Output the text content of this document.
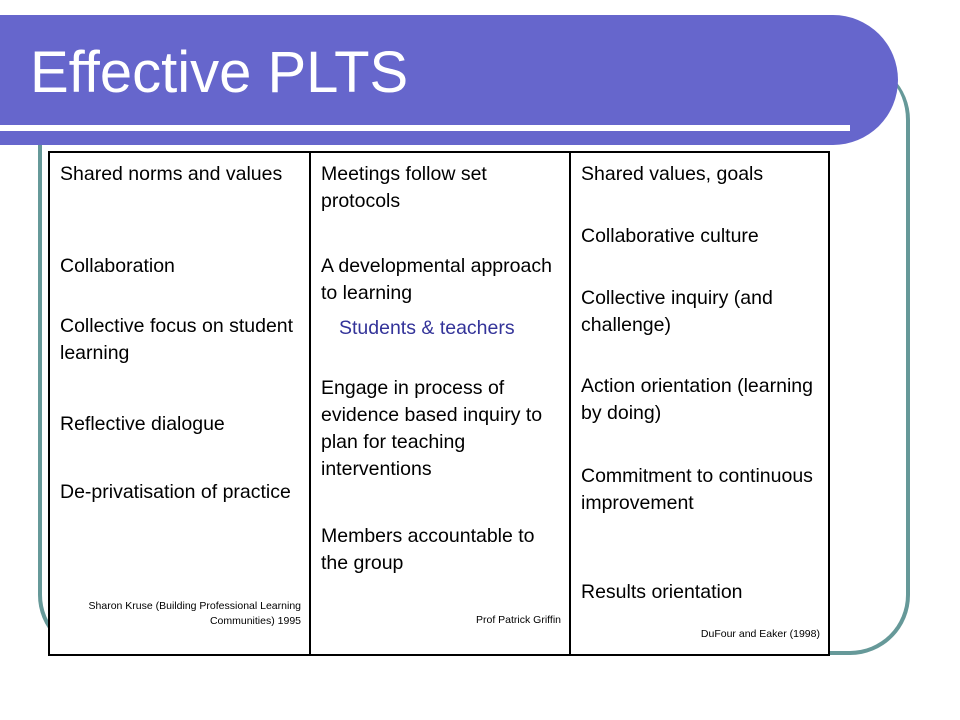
Effective PLTS

Shared norms and values

Collaboration

Collective focus on student learning

Reflective dialogue

De-privatisation of practice

Sharon Kruse (Building Professional Learning Communities) 1995

Meetings follow set protocols

A developmental approach to learning

Students & teachers

Engage in process of evidence based inquiry to plan for teaching interventions

Members accountable to the group

Prof Patrick Griffin

Shared values, goals

Collaborative culture

Collective inquiry (and challenge)

Action orientation (learning by doing)

Commitment to continuous improvement

Results orientation

DuFour and Eaker (1998)
